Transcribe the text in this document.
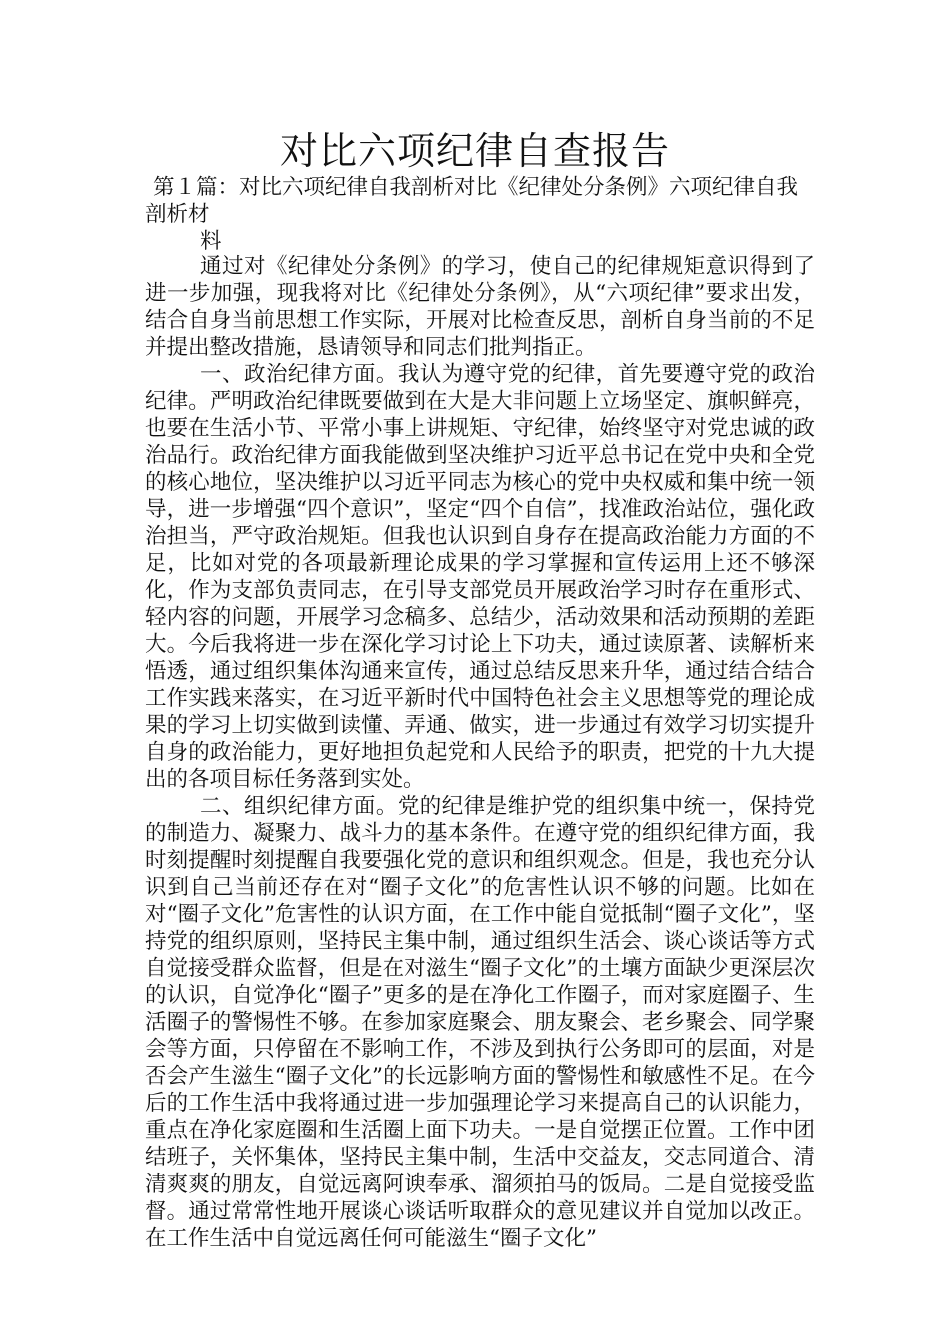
对比六项纪律自查报告

第１篇：对比六项纪律自我剖析对比《纪律处分条例》六项纪律自我剖析材

料

通过对《纪律处分条例》的学习，使自己的纪律规矩意识得到了进一步加强，现我将对比《纪律处分条例》，从“六项纪律”要求出发，结合自身当前思想工作实际，开展对比检查反思，剖析自身当前的不足并提出整改措施，恳请领导和同志们批判指正。

一、政治纪律方面。我认为遵守党的纪律，首先要遵守党的政治纪律。严明政治纪律既要做到在大是大非问题上立场坚定、旗帜鲜亮，也要在生活小节、平常小事上讲规矩、守纪律，始终坚守对党忠诚的政治品行。政治纪律方面我能做到坚决维护习近平总书记在党中央和全党的核心地位，坚决维护以习近平同志为核心的党中央权威和集中统一领导，进一步增强“四个意识”，坚定“四个自信”，找准政治站位，强化政治担当，严守政治规矩。但我也认识到自身存在提高政治能力方面的不足，比如对党的各项最新理论成果的学习掌握和宣传运用上还不够深化，作为支部负责同志，在引导支部党员开展政治学习时存在重形式、轻内容的问题，开展学习念稿多、总结少，活动效果和活动预期的差距大。今后我将进一步在深化学习讨论上下功夫，通过读原著、读解析来悟透，通过组织集体沟通来宣传，通过总结反思来升华，通过结合结合工作实践来落实，在习近平新时代中国特色社会主义思想等党的理论成果的学习上切实做到读懂、弄通、做实，进一步通过有效学习切实提升自身的政治能力，更好地担负起党和人民给予的职责，把党的十九大提出的各项目标任务落到实处。

二、组织纪律方面。党的纪律是维护党的组织集中统一，保持党的制造力、凝聚力、战斗力的基本条件。在遵守党的组织纪律方面，我时刻提醒时刻提醒自我要强化党的意识和组织观念。但是，我也充分认识到自己当前还存在对“圈子文化”的危害性认识不够的问题。比如在对“圈子文化”危害性的认识方面，在工作中能自觉抵制“圈子文化”，坚持党的组织原则，坚持民主集中制，通过组织生活会、谈心谈话等方式自觉接受群众监督，但是在对滋生“圈子文化”的土壤方面缺少更深层次的认识，自觉净化“圈子”更多的是在净化工作圈子，而对家庭圈子、生活圈子的警惕性不够。在参加家庭聚会、朋友聚会、老乡聚会、同学聚会等方面，只停留在不影响工作，不涉及到执行公务即可的层面，对是否会产生滋生“圈子文化”的长远影响方面的警惕性和敏感性不足。在今后的工作生活中我将通过进一步加强理论学习来提高自己的认识能力，重点在净化家庭圈和生活圈上面下功夫。一是自觉摆正位置。工作中团结班子，关怀集体，坚持民主集中制，生活中交益友，交志同道合、清清爽爽的朋友，自觉远离阿谀奉承、溜须拍马的饭局。二是自觉接受监督。通过常常性地开展谈心谈话听取群众的意见建议并自觉加以改正。在工作生活中自觉远离任何可能滋生“圈子文化”
